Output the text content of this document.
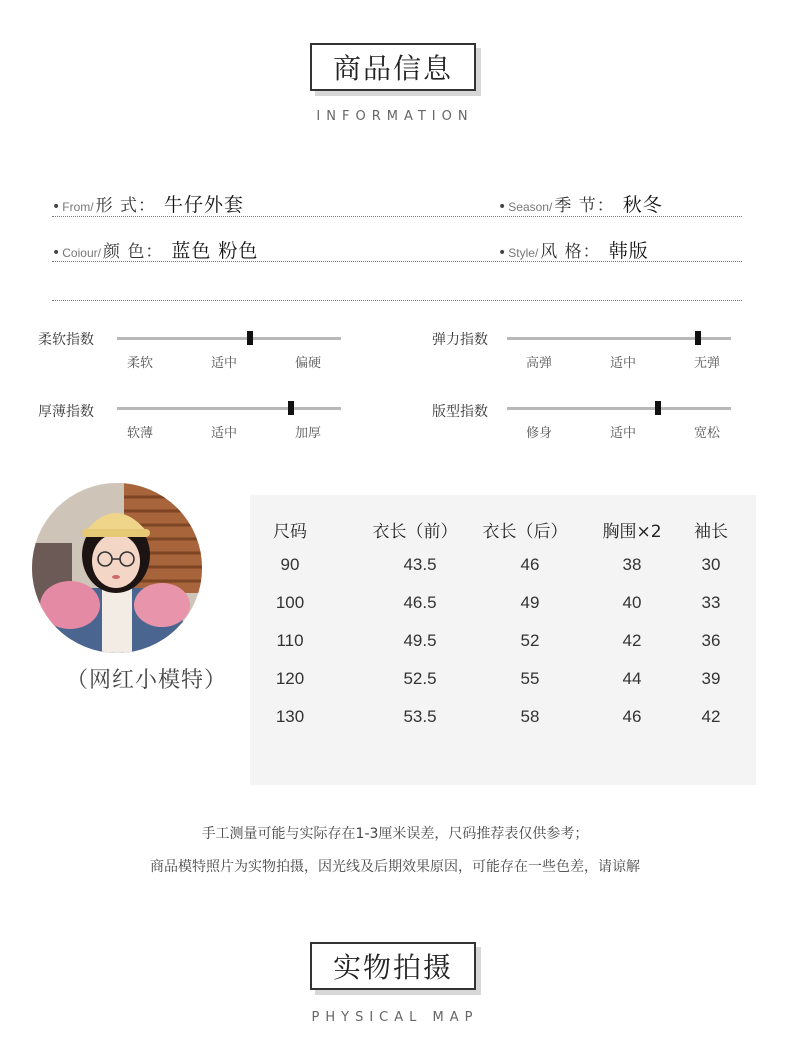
商品信息
INFORMATION
• From/ 形 式： 牛仔外套	• Season/ 季 节： 秋冬
• Coiour/ 颜 色： 蓝色 粉色	• Style/ 风 格： 韩版
柔软指数
柔软	适中	偏硬
弹力指数
高弹	适中	无弹
厚薄指数
软薄	适中	加厚
版型指数
修身	适中	宽松
（网红小模特）
尺码	衣长（前）	衣长（后）	胸围×2	袖长
90	43.5	46	38	30
100	46.5	49	40	33
110	49.5	52	42	36
120	52.5	55	44	39
130	53.5	58	46	42
手工测量可能与实际存在1-3厘米误差，尺码推荐表仅供参考；
商品模特照片为实物拍摄，因光线及后期效果原因，可能存在一些色差，请谅解
实物拍摄
PHYSICAL MAP
